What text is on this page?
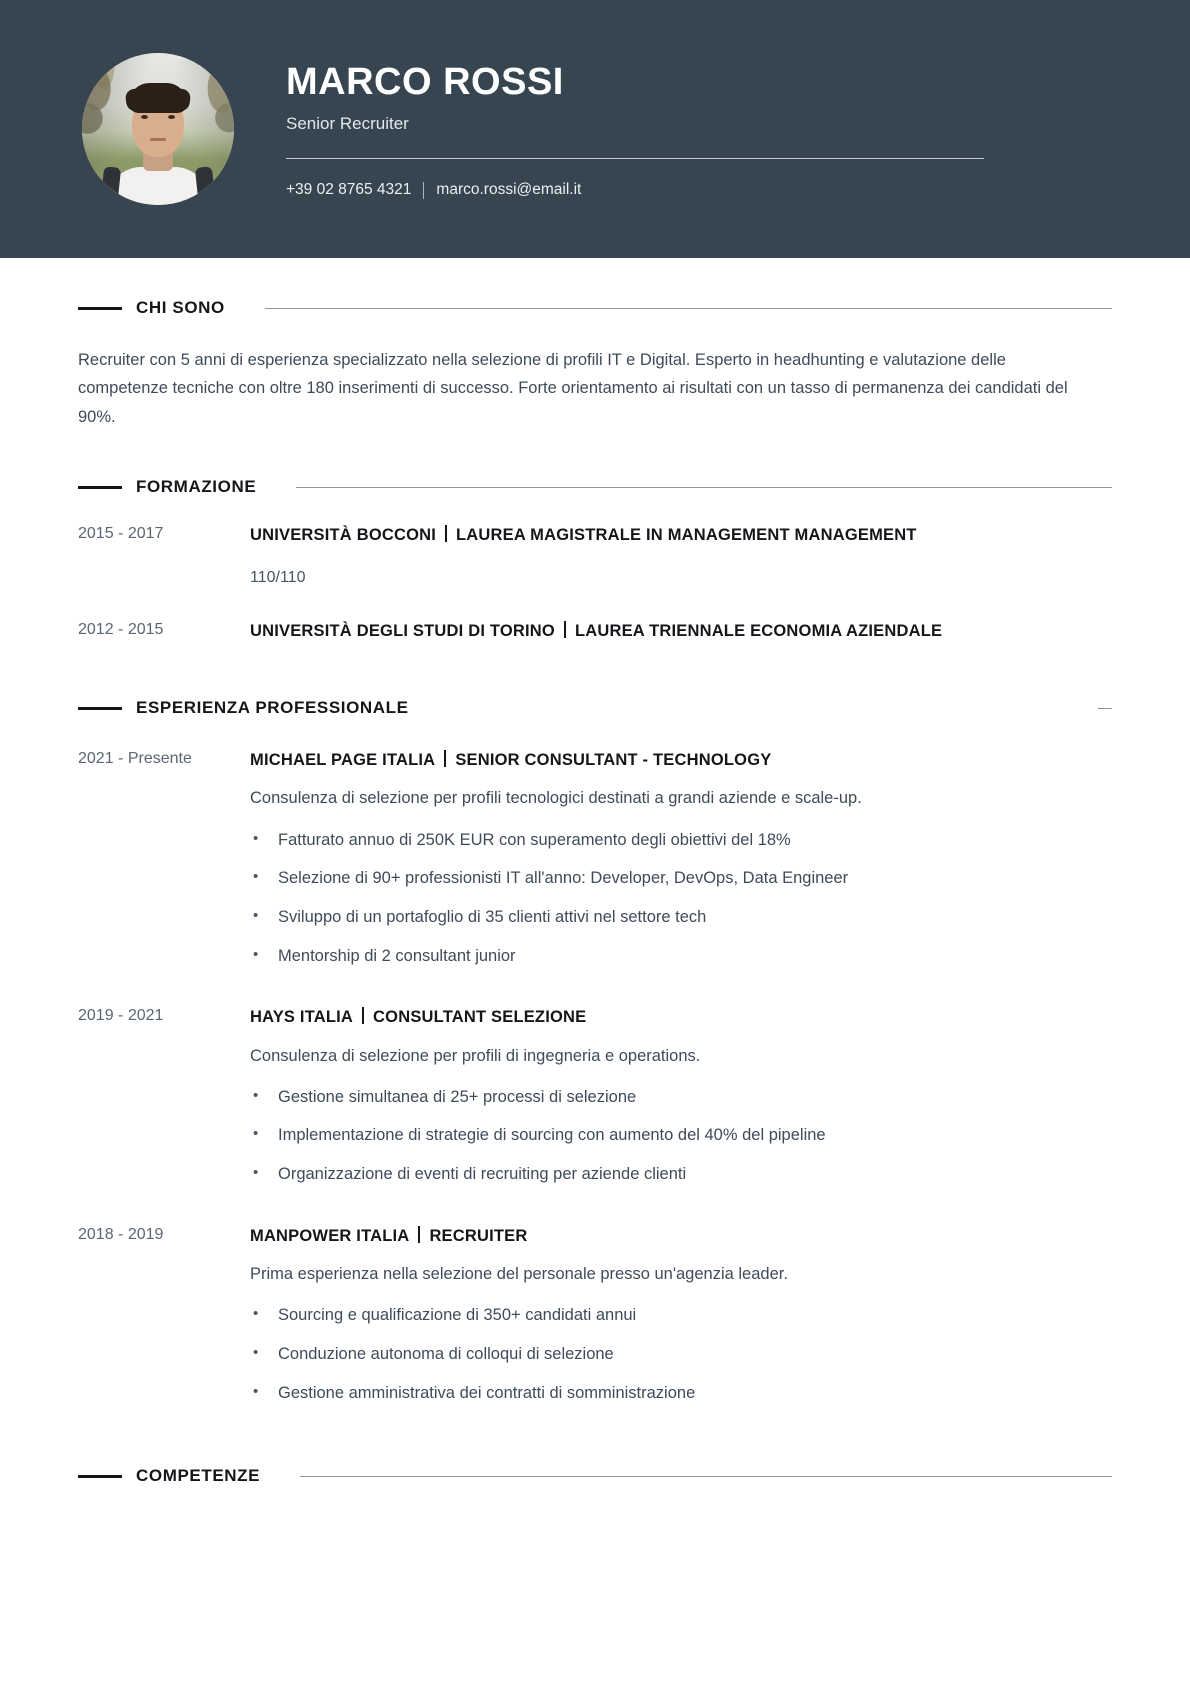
MARCO ROSSI
Senior Recruiter
+39 02 8765 4321 marco.rossi@email.it
CHI SONO

Recruiter con 5 anni di esperienza specializzato nella selezione di profili IT e Digital. Esperto in headhunting e valutazione delle competenze tecniche con oltre 180 inserimenti di successo. Forte orientamento ai risultati con un tasso di permanenza dei candidati del 90%.

FORMAZIONE
2015 - 2017	UNIVERSITÀ BOCCONI LAUREA MAGISTRALE IN MANAGEMENT MANAGEMENT
110/110
2012 - 2015	UNIVERSITÀ DEGLI STUDI DI TORINO LAUREA TRIENNALE ECONOMIA AZIENDALE
ESPERIENZA PROFESSIONALE
2021 - Presente	MICHAEL PAGE ITALIA SENIOR CONSULTANT - TECHNOLOGY
Consulenza di selezione per profili tecnologici destinati a grandi aziende e scale-up.
• Fatturato annuo di 250K EUR con superamento degli obiettivi del 18%
• Selezione di 90+ professionisti IT all'anno: Developer, DevOps, Data Engineer
• Sviluppo di un portafoglio di 35 clienti attivi nel settore tech
• Mentorship di 2 consultant junior
2019 - 2021	HAYS ITALIA CONSULTANT SELEZIONE
Consulenza di selezione per profili di ingegneria e operations.
• Gestione simultanea di 25+ processi di selezione
• Implementazione di strategie di sourcing con aumento del 40% del pipeline
• Organizzazione di eventi di recruiting per aziende clienti
2018 - 2019	MANPOWER ITALIA RECRUITER
Prima esperienza nella selezione del personale presso un'agenzia leader.
• Sourcing e qualificazione di 350+ candidati annui
• Conduzione autonoma di colloqui di selezione
• Gestione amministrativa dei contratti di somministrazione
COMPETENZE
